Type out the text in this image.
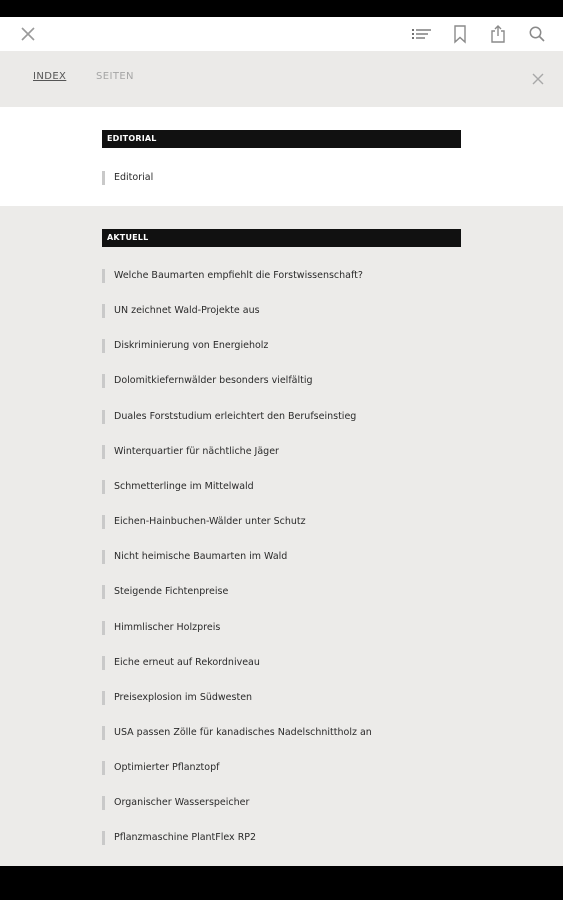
INDEX	SEITEN
EDITORIAL
Editorial
AKTUELL
Welche Baumarten empfiehlt die Forstwissenschaft?
UN zeichnet Wald-Projekte aus
Diskriminierung von Energieholz
Dolomitkiefernwälder besonders vielfältig
Duales Forststudium erleichtert den Berufseinstieg
Winterquartier für nächtliche Jäger
Schmetterlinge im Mittelwald
Eichen-Hainbuchen-Wälder unter Schutz
Nicht heimische Baumarten im Wald
Steigende Fichtenpreise
Himmlischer Holzpreis
Eiche erneut auf Rekordniveau
Preisexplosion im Südwesten
USA passen Zölle für kanadisches Nadelschnittholz an
Optimierter Pflanztopf
Organischer Wasserspeicher
Pflanzmaschine PlantFlex RP2
